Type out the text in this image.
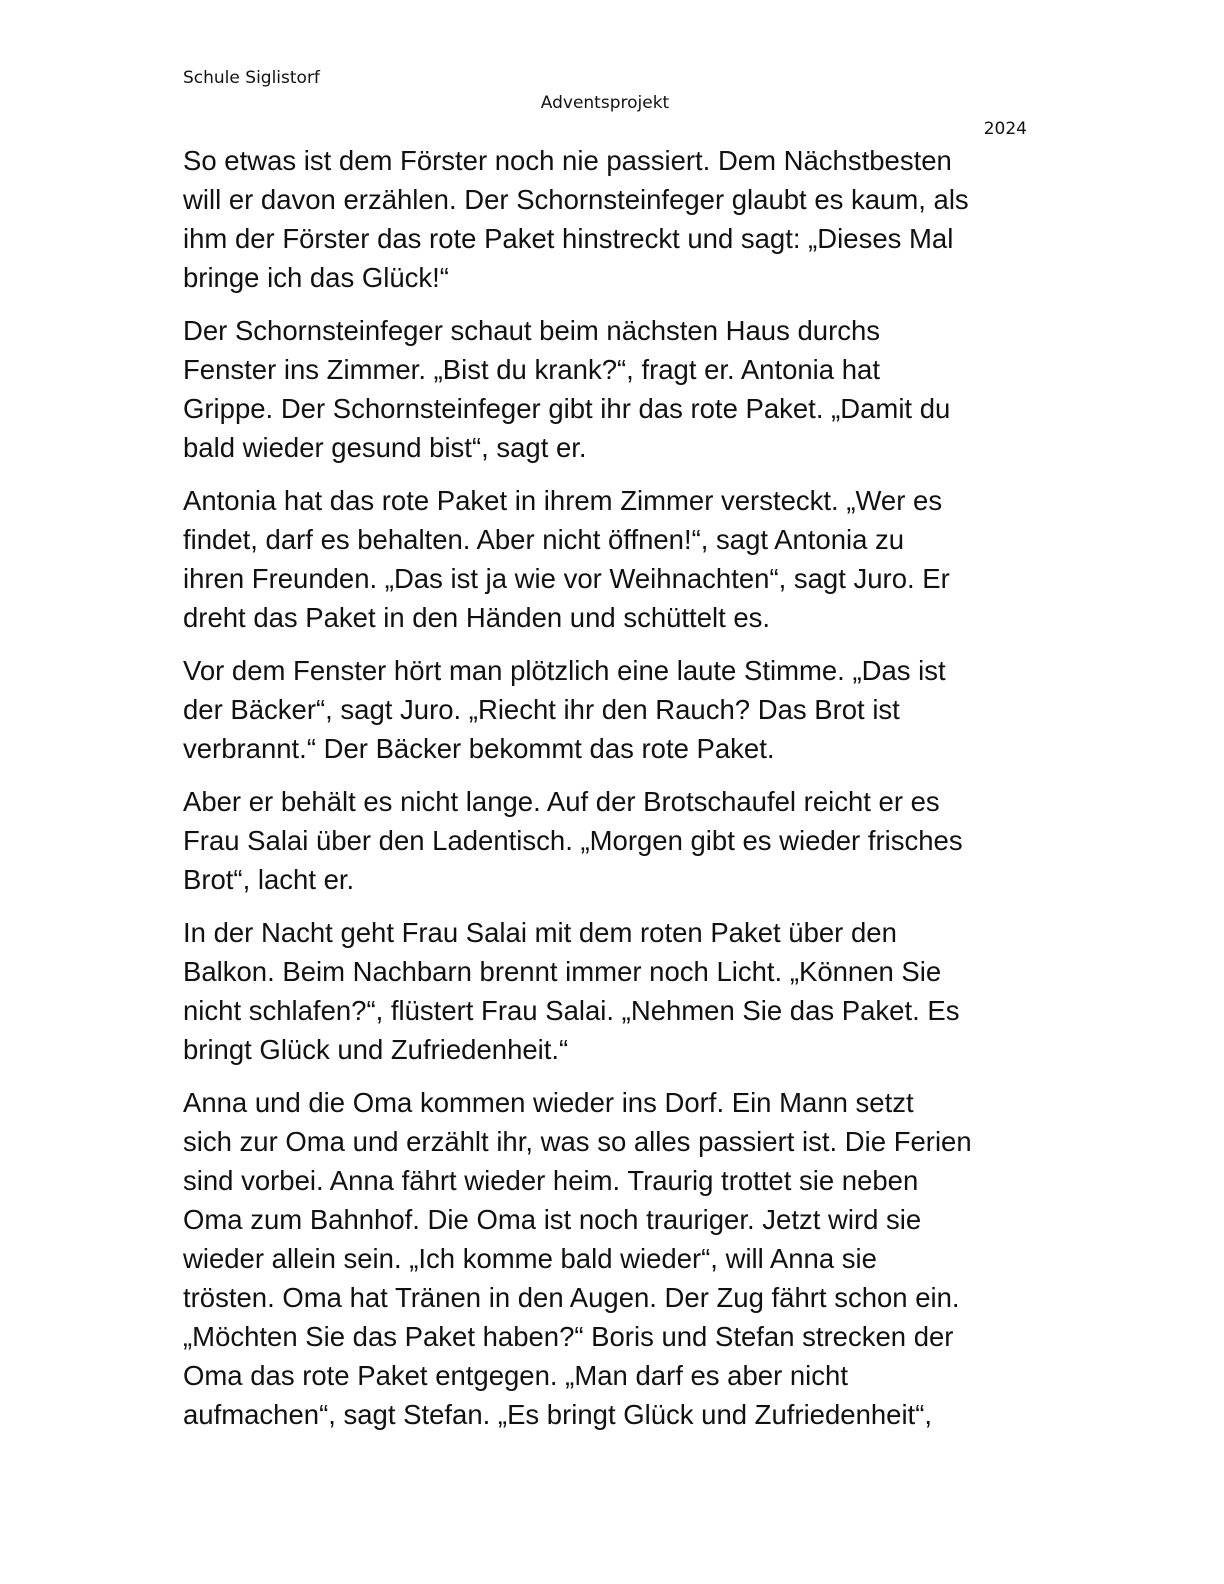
Schule Siglistorf
Adventsprojekt
2024

So etwas ist dem Förster noch nie passiert. Dem Nächstbesten
will er davon erzählen. Der Schornsteinfeger glaubt es kaum, als
ihm der Förster das rote Paket hinstreckt und sagt: „Dieses Mal
bringe ich das Glück!“

Der Schornsteinfeger schaut beim nächsten Haus durchs
Fenster ins Zimmer. „Bist du krank?“, fragt er. Antonia hat
Grippe. Der Schornsteinfeger gibt ihr das rote Paket. „Damit du
bald wieder gesund bist“, sagt er.

Antonia hat das rote Paket in ihrem Zimmer versteckt. „Wer es
findet, darf es behalten. Aber nicht öffnen!“, sagt Antonia zu
ihren Freunden. „Das ist ja wie vor Weihnachten“, sagt Juro. Er
dreht das Paket in den Händen und schüttelt es.

Vor dem Fenster hört man plötzlich eine laute Stimme. „Das ist
der Bäcker“, sagt Juro. „Riecht ihr den Rauch? Das Brot ist
verbrannt.“ Der Bäcker bekommt das rote Paket.

Aber er behält es nicht lange. Auf der Brotschaufel reicht er es
Frau Salai über den Ladentisch. „Morgen gibt es wieder frisches
Brot“, lacht er.

In der Nacht geht Frau Salai mit dem roten Paket über den
Balkon. Beim Nachbarn brennt immer noch Licht. „Können Sie
nicht schlafen?“, flüstert Frau Salai. „Nehmen Sie das Paket. Es
bringt Glück und Zufriedenheit.“

Anna und die Oma kommen wieder ins Dorf. Ein Mann setzt
sich zur Oma und erzählt ihr, was so alles passiert ist. Die Ferien
sind vorbei. Anna fährt wieder heim. Traurig trottet sie neben
Oma zum Bahnhof. Die Oma ist noch trauriger. Jetzt wird sie
wieder allein sein. „Ich komme bald wieder“, will Anna sie
trösten. Oma hat Tränen in den Augen. Der Zug fährt schon ein.
„Möchten Sie das Paket haben?“ Boris und Stefan strecken der
Oma das rote Paket entgegen. „Man darf es aber nicht
aufmachen“, sagt Stefan. „Es bringt Glück und Zufriedenheit“,
